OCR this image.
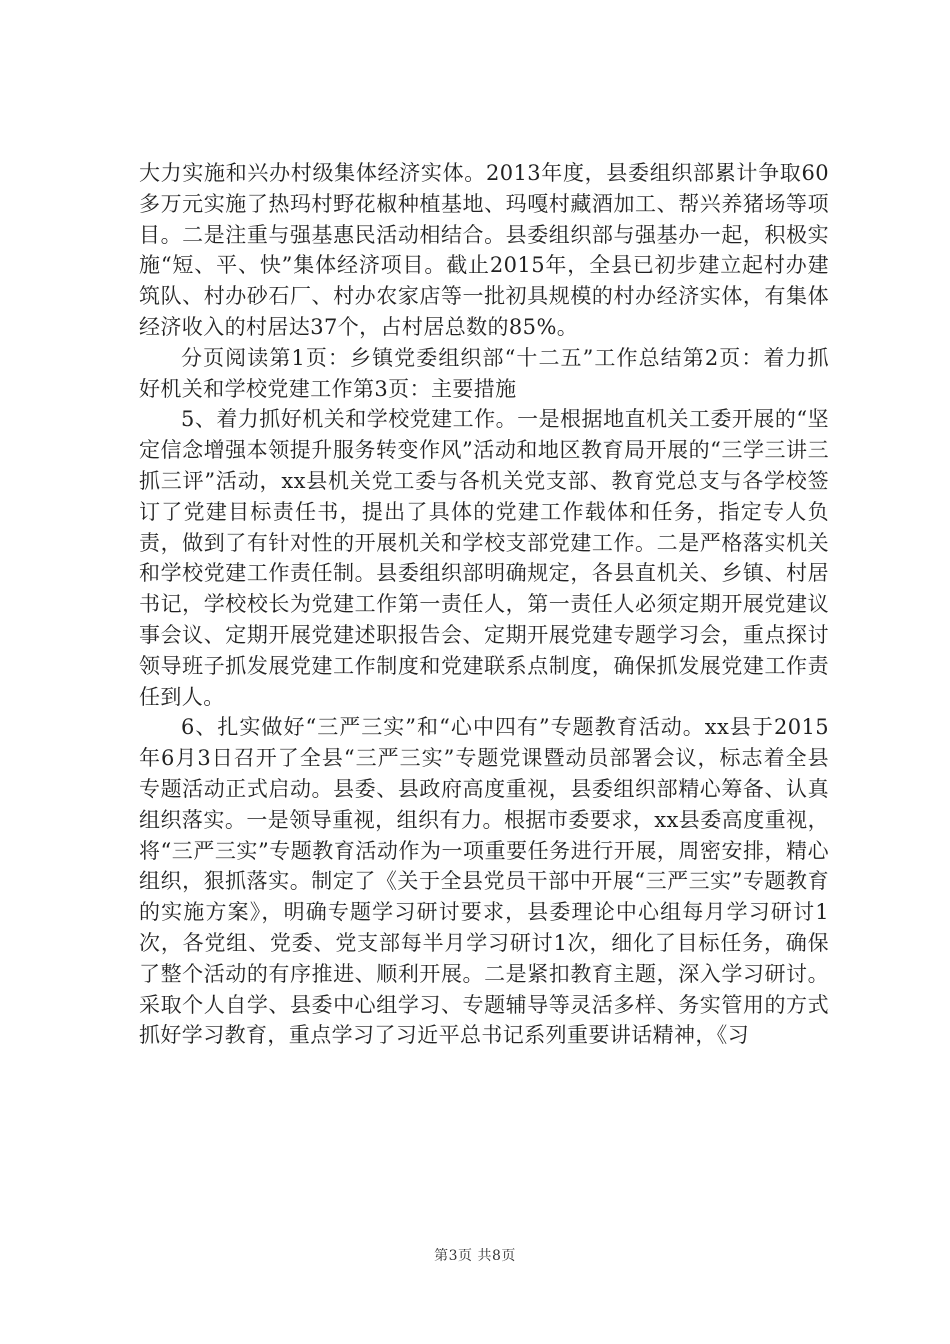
大力实施和兴办村级集体经济实体。2013年度，县委组织部累计争取60多万元实施了热玛村野花椒种植基地、玛嘎村藏酒加工、帮兴养猪场等项目。二是注重与强基惠民活动相结合。县委组织部与强基办一起，积极实施“短、平、快”集体经济项目。截止2015年，全县已初步建立起村办建筑队、村办砂石厂、村办农家店等一批初具规模的村办经济实体，有集体经济收入的村居达37个，占村居总数的85%。

分页阅读第1页：乡镇党委组织部“十二五”工作总结第2页：着力抓好机关和学校党建工作第3页：主要措施

5、着力抓好机关和学校党建工作。一是根据地直机关工委开展的“坚定信念增强本领提升服务转变作风”活动和地区教育局开展的“三学三讲三抓三评”活动，xx县机关党工委与各机关党支部、教育党总支与各学校签订了党建目标责任书，提出了具体的党建工作载体和任务，指定专人负责，做到了有针对性的开展机关和学校支部党建工作。二是严格落实机关和学校党建工作责任制。县委组织部明确规定，各县直机关、乡镇、村居书记，学校校长为党建工作第一责任人，第一责任人必须定期开展党建议事会议、定期开展党建述职报告会、定期开展党建专题学习会，重点探讨领导班子抓发展党建工作制度和党建联系点制度，确保抓发展党建工作责任到人。

6、扎实做好“三严三实”和“心中四有”专题教育活动。xx县于2015年6月3日召开了全县“三严三实”专题党课暨动员部署会议，标志着全县专题活动正式启动。县委、县政府高度重视，县委组织部精心筹备、认真组织落实。一是领导重视，组织有力。根据市委要求，xx县委高度重视，将“三严三实”专题教育活动作为一项重要任务进行开展，周密安排，精心组织，狠抓落实。制定了《关于全县党员干部中开展“三严三实”专题教育的实施方案》，明确专题学习研讨要求，县委理论中心组每月学习研讨1次，各党组、党委、党支部每半月学习研讨1次，细化了目标任务，确保了整个活动的有序推进、顺利开展。二是紧扣教育主题，深入学习研讨。采取个人自学、县委中心组学习、专题辅导等灵活多样、务实管用的方式抓好学习教育，重点学习了习近平总书记系列重要讲话精神，《习

第3页 共8页
